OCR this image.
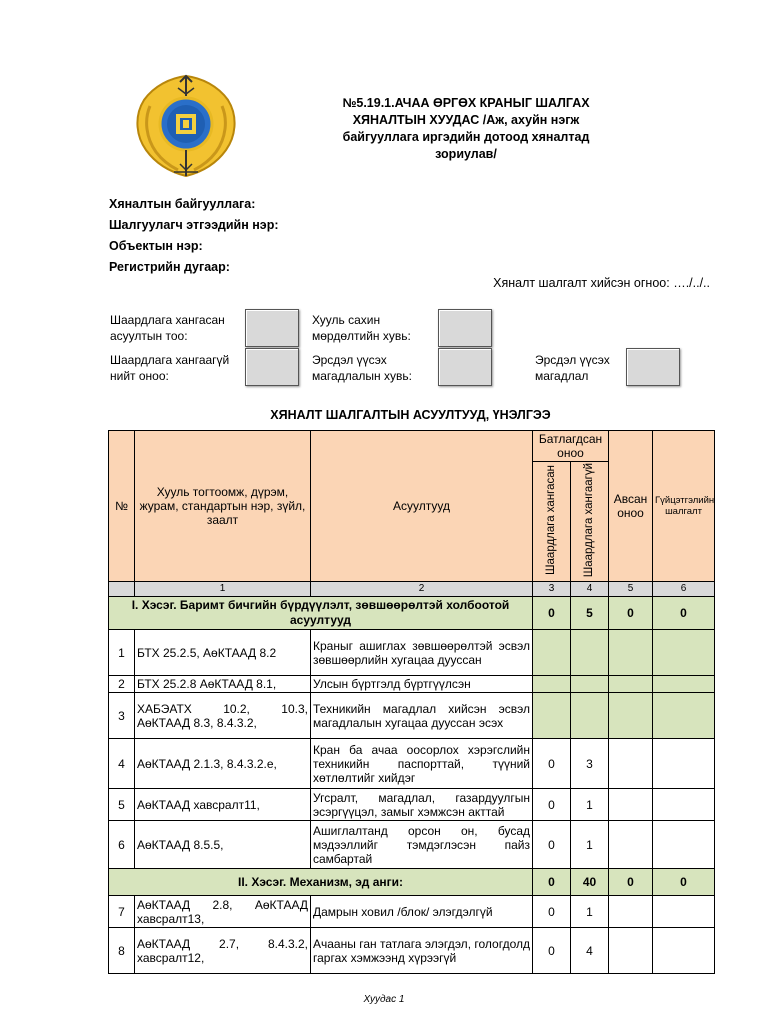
№5.19.1.АЧАА ӨРГӨХ КРАНЫГ ШАЛГАХ
ХЯНАЛТЫН ХУУДАС /Аж, ахуйн нэгж
байгууллага иргэдийн дотоод хяналтад
зориулав/
Хяналтын байгууллага:
Шалгуулагч этгээдийн нэр:
Объектын нэр:
Регистрийн дугаар:
Хяналт шалгалт хийсэн огноо: …./../..
Шаардлага хангасан асуултын тоо:
Хууль сахин мөрдөлтийн хувь:
Шаардлага хангаагүй нийт оноо:
Эрсдэл үүсэх магадлалын хувь:
Эрсдэл үүсэх магадлал
ХЯНАЛТ ШАЛГАЛТЫН АСУУЛТУУД, ҮНЭЛГЭЭ
№	Хууль тогтоомж, дүрэм, журам, стандартын нэр, зүйл, заалт	Асуултууд	Батлагдсан оноо		Авсан оноо	Гүйцэтгэлийн шалгалт
			Шаардлага хангасан	Шаардлага хангаагүй		
	1	2	3	4	5	6
I. Хэсэг. Баримт бичгийн бүрдүүлэлт, зөвшөөрөлтэй холбоотой асуултууд			0	5	0	0
1	БТХ 25.2.5, АөКТААД 8.2	Краныг ашиглах зөвшөөрөлтэй эсвэл зөвшөөрлийн хугацаа дуусcан				
2	БТХ 25.2.8 АөКТААД 8.1,	Улсын бүртгэлд бүртгүүлсэн				
3	ХАБЭАТХ 10.2, 10.3, АөКТААД 8.3, 8.4.3.2,	Техникийн магадлал хийсэн эсвэл магадлалын хугацаа дууссан эсэх				
4	АөКТААД 2.1.3, 8.4.3.2.е,	Кран ба ачаа оосорлох хэрэгслийн техникийн паспорттай, түүний хөтлөлтийг хийдэг	0	3		
5	АөКТААД хавсралт11,	Угсралт, магадлал, газардуулгын эсэргүүцэл, замыг хэмжсэн акттай	0	1		
6	АөКТААД 8.5.5,	Ашиглалтанд орсон он, бусад мэдээллийг тэмдэглэсэн пайз самбартай	0	1		
II. Хэсэг. Механизм, эд анги:			0	40	0	0
7	АөКТААД 2.8, АөКТААД хавсралт13,	Дамрын ховил /блок/ элэгдэлгүй	0	1		
8	АөКТААД 2.7, 8.4.3.2, хавсралт12,	Ачааны ган татлага элэгдэл, гологдолд гаргах хэмжээнд хүрээгүй	0	4		
Хуудас 1
